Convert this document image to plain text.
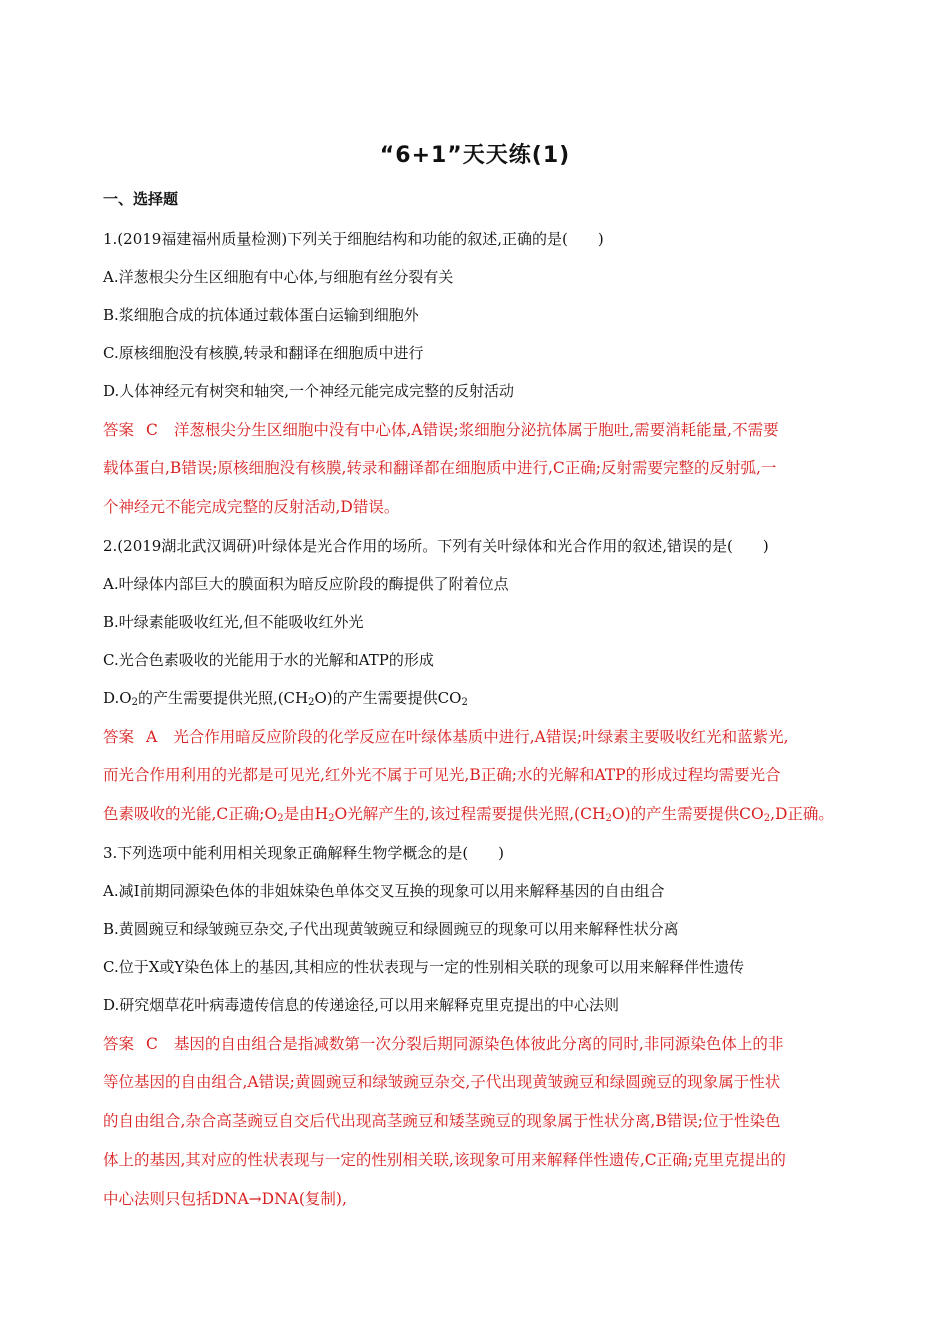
“6+1”天天练(1)
一、选择题
1.(2019福建福州质量检测)下列关于细胞结构和功能的叙述,正确的是(　　)
A.洋葱根尖分生区细胞有中心体,与细胞有丝分裂有关
B.浆细胞合成的抗体通过载体蛋白运输到细胞外
C.原核细胞没有核膜,转录和翻译在细胞质中进行
D.人体神经元有树突和轴突,一个神经元能完成完整的反射活动
答案 C 洋葱根尖分生区细胞中没有中心体,A错误;浆细胞分泌抗体属于胞吐,需要消耗能量,不需要
载体蛋白,B错误;原核细胞没有核膜,转录和翻译都在细胞质中进行,C正确;反射需要完整的反射弧,一
个神经元不能完成完整的反射活动,D错误。
2.(2019湖北武汉调研)叶绿体是光合作用的场所。下列有关叶绿体和光合作用的叙述,错误的是(　　)
A.叶绿体内部巨大的膜面积为暗反应阶段的酶提供了附着位点
B.叶绿素能吸收红光,但不能吸收红外光
C.光合色素吸收的光能用于水的光解和ATP的形成
$D.O_2$的产生需要提供光照$,(CH_2O)$的产生需要提供$CO_2$
答案 A 光合作用暗反应阶段的化学反应在叶绿体基质中进行,A错误;叶绿素主要吸收红光和蓝紫光,
而光合作用利用的光都是可见光,红外光不属于可见光,B正确;水的光解和ATP的形成过程均需要光合
色素吸收的光能,C正确$;O_2$是由$H_2O$光解产生的,该过程需要提供光照$,(CH_2O)$的产生需要提供$CO_2,D$正确。
3.下列选项中能利用相关现象正确解释生物学概念的是(　　)
A.减Ⅰ前期同源染色体的非姐妹染色单体交叉互换的现象可以用来解释基因的自由组合
B.黄圆豌豆和绿皱豌豆杂交,子代出现黄皱豌豆和绿圆豌豆的现象可以用来解释性状分离
C.位于X或Y染色体上的基因,其相应的性状表现与一定的性别相关联的现象可以用来解释伴性遗传
D.研究烟草花叶病毒遗传信息的传递途径,可以用来解释克里克提出的中心法则
答案 C 基因的自由组合是指减数第一次分裂后期同源染色体彼此分离的同时,非同源染色体上的非
等位基因的自由组合,A错误;黄圆豌豆和绿皱豌豆杂交,子代出现黄皱豌豆和绿圆豌豆的现象属于性状
的自由组合,杂合高茎豌豆自交后代出现高茎豌豆和矮茎豌豆的现象属于性状分离,B错误;位于性染色
体上的基因,其对应的性状表现与一定的性别相关联,该现象可用来解释伴性遗传,C正确;克里克提出的
中心法则只包括DNA→DNA(复制),
